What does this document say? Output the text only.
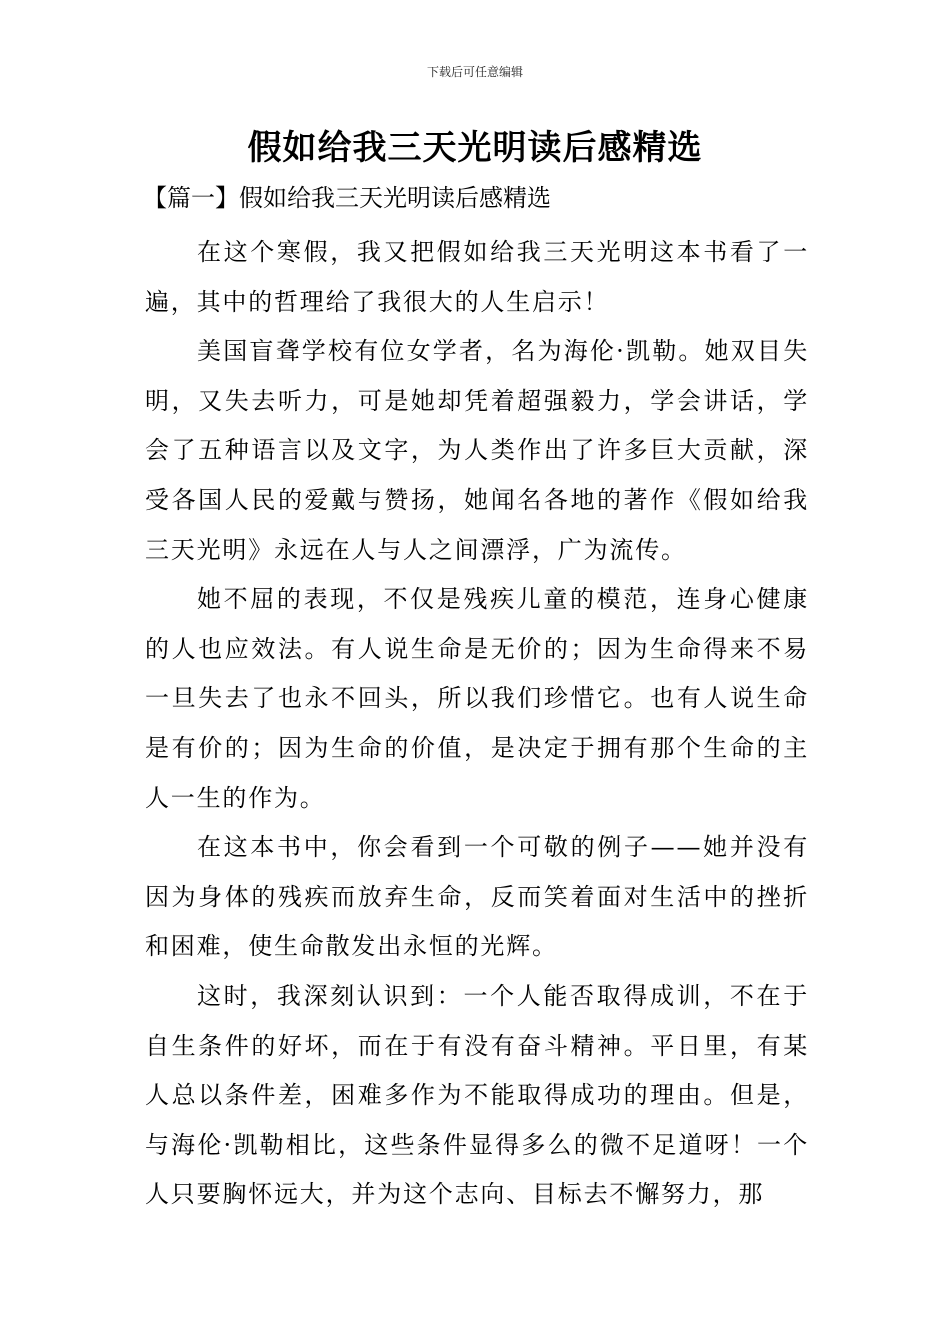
下载后可任意编辑
假如给我三天光明读后感精选

【篇一】假如给我三天光明读后感精选

在这个寒假，我又把假如给我三天光明这本书看了一遍，其中的哲理给了我很大的人生启示！

美国盲聋学校有位女学者，名为海伦·凯勒。她双目失明，又失去听力，可是她却凭着超强毅力，学会讲话，学会了五种语言以及文字，为人类作出了许多巨大贡献，深受各国人民的爱戴与赞扬，她闻名各地的著作《假如给我三天光明》永远在人与人之间漂浮，广为流传。

她不屈的表现，不仅是残疾儿童的模范，连身心健康的人也应效法。有人说生命是无价的；因为生命得来不易一旦失去了也永不回头，所以我们珍惜它。也有人说生命是有价的；因为生命的价值，是决定于拥有那个生命的主人一生的作为。

在这本书中，你会看到一个可敬的例子——她并没有因为身体的残疾而放弃生命，反而笑着面对生活中的挫折和困难，使生命散发出永恒的光辉。

这时，我深刻认识到：一个人能否取得成训，不在于自生条件的好坏，而在于有没有奋斗精神。平日里，有某人总以条件差，困难多作为不能取得成功的理由。但是，与海伦·凯勒相比，这些条件显得多么的微不足道呀！一个人只要胸怀远大，并为这个志向、目标去不懈努力，那
